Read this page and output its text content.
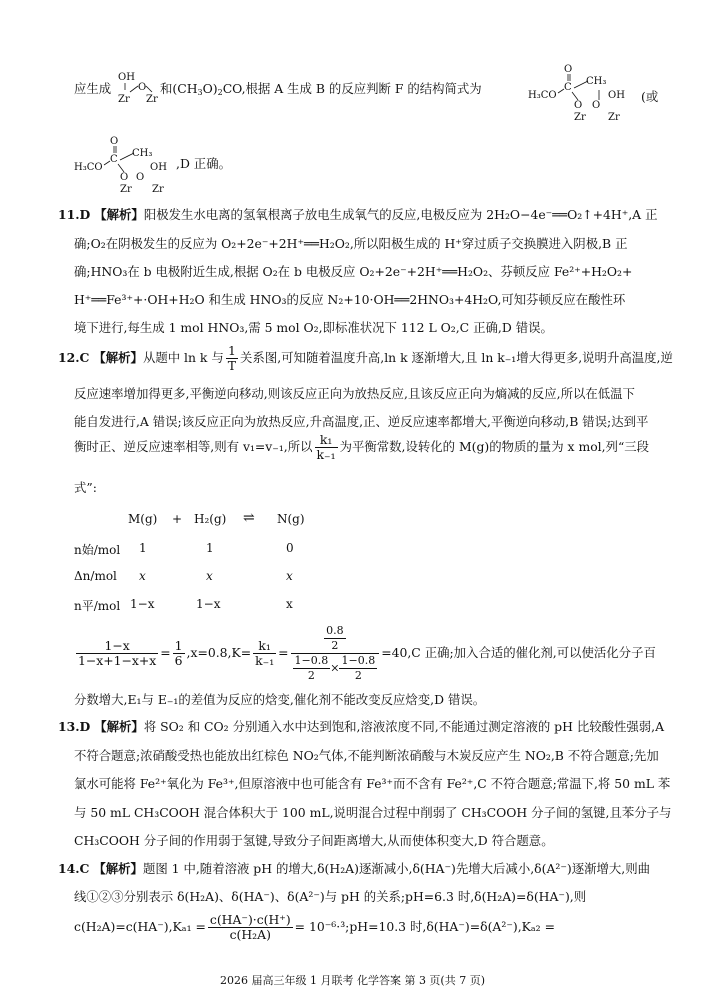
应生成
OH
Zr
O
Zr
和(CH3O)2CO,根据 A 生成 B 的反应判断 F 的结构简式为
O
C
H₃CO
CH₃
O
OH
O
Zr Zr
(或
O
C
H₃CO
CH₃
O
OH
O
Zr Zr
,D 正确。
11.D 【解析】阳极发生水电离的氢氧根离子放电生成氧气的反应,电极反应为 2H₂O−4e⁻══O₂↑+4H⁺,A 正
确;O₂在阴极发生的反应为 O₂+2e⁻+2H⁺══H₂O₂,所以阳极生成的 H⁺穿过质子交换膜进入阴极,B 正
确;HNO₃在 b 电极附近生成,根据 O₂在 b 电极反应 O₂+2e⁻+2H⁺══H₂O₂、芬顿反应 Fe²⁺+H₂O₂+
H⁺══Fe³⁺+·OH+H₂O 和生成 HNO₃的反应 N₂+10·OH══2HNO₃+4H₂O,可知芬顿反应在酸性环
境下进行,每生成 1 mol HNO₃,需 5 mol O₂,即标准状况下 112 L O₂,C 正确,D 错误。
12.C 【解析】从题中 ln k 与 $\frac{1}{T}$ 关系图,可知随着温度升高,ln k 逐渐增大,且 ln k₋₁增大得更多,说明升高温度,逆
反应速率增加得更多,平衡逆向移动,则该反应正向为放热反应,且该反应正向为熵减的反应,所以在低温下
能自发进行,A 错误;该反应正向为放热反应,升高温度,正、逆反应速率都增大,平衡逆向移动,B 错误;达到平
衡时正、逆反应速率相等,则有 v₁=v₋₁,所以 $\frac{\text{k₁}}{\text{k₋₁}}$ 为平衡常数,设转化的 M(g)的物质的量为 x mol,列“三段
式”:
M(g) + H₂(g) ⇌ N(g)
n始/mol 1	1	0
Δn/mol x	x	x
n平/mol 1−x	1−x	x
$\frac{1-x}{1-x+1-x+x} = \frac{1}{6} ,x=0.8,K= \frac{\text{k₁}}{\text{k₋₁}} = \frac{\frac{0.8}{2}}{\frac{1-0.8}{2} \times \frac{1-0.8}{2}} =40,C$ 正确;加入合适的催化剂,可以使活化分子百
分数增大,E₁与 E₋₁的差值为反应的焓变,催化剂不能改变反应焓变,D 错误。
13.D 【解析】将 SO₂ 和 CO₂ 分别通入水中达到饱和,溶液浓度不同,不能通过测定溶液的 pH 比较酸性强弱,A
不符合题意;浓硝酸受热也能放出红棕色 NO₂气体,不能判断浓硝酸与木炭反应产生 NO₂,B 不符合题意;先加
氯水可能将 Fe²⁺氧化为 Fe³⁺,但原溶液中也可能含有 Fe³⁺而不含有 Fe²⁺,C 不符合题意;常温下,将 50 mL 苯
与 50 mL CH₃COOH 混合体积大于 100 mL,说明混合过程中削弱了 CH₃COOH 分子间的氢键,且苯分子与
CH₃COOH 分子间的作用弱于氢键,导致分子间距离增大,从而使体积变大,D 符合题意。
14.C 【解析】题图 1 中,随着溶液 pH 的增大,δ(H₂A)逐渐减小,δ(HA⁻)先增大后减小,δ(A²⁻)逐渐增大,则曲
线①②③分别表示 δ(H₂A)、δ(HA⁻)、δ(A²⁻)与 pH 的关系;pH=6.3 时,δ(H₂A)=δ(HA⁻),则
$c(H_2A)=c(HA^-),K_{a1} = \frac{c(HA^-)\cdot c(H^+)}{\text{c(H₂A)}}$ = 10⁻⁶·³;pH=10.3 时,δ(HA⁻)=δ(A²⁻),Kₐ₂ =
2026 届高三年级 1 月联考 化学答案 第 3 页(共 7 页)
